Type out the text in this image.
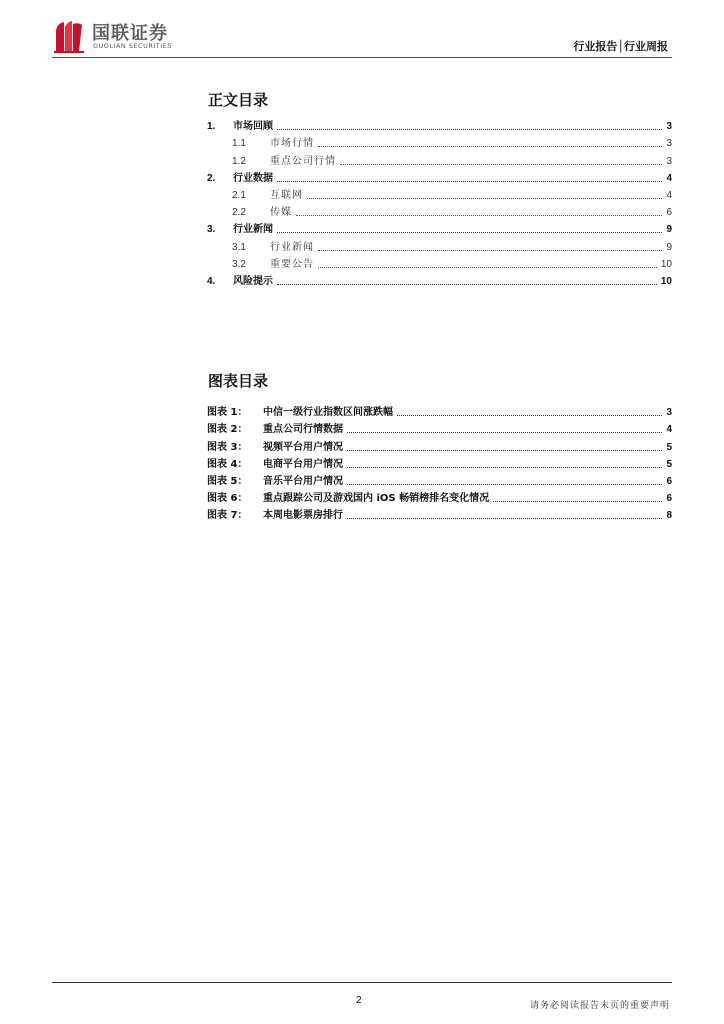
国联证券
GUOLIAN SECURITIES	行业报告│行业周报
正文目录
1.	市场回顾	3
1.1	市场行情	3
1.2	重点公司行情	3
2.	行业数据	4
2.1	互联网	4
2.2	传媒	6
3.	行业新闻	9
3.1	行业新闻	9
3.2	重要公告	10
4.	风险提示	10
图表目录
图表 1：	中信一级行业指数区间涨跌幅	3
图表 2：	重点公司行情数据	4
图表 3：	视频平台用户情况	5
图表 4：	电商平台用户情况	5
图表 5：	音乐平台用户情况	6
图表 6：	重点跟踪公司及游戏国内 iOS 畅销榜排名变化情况	6
图表 7：	本周电影票房排行	8
2	请务必阅读报告末页的重要声明
